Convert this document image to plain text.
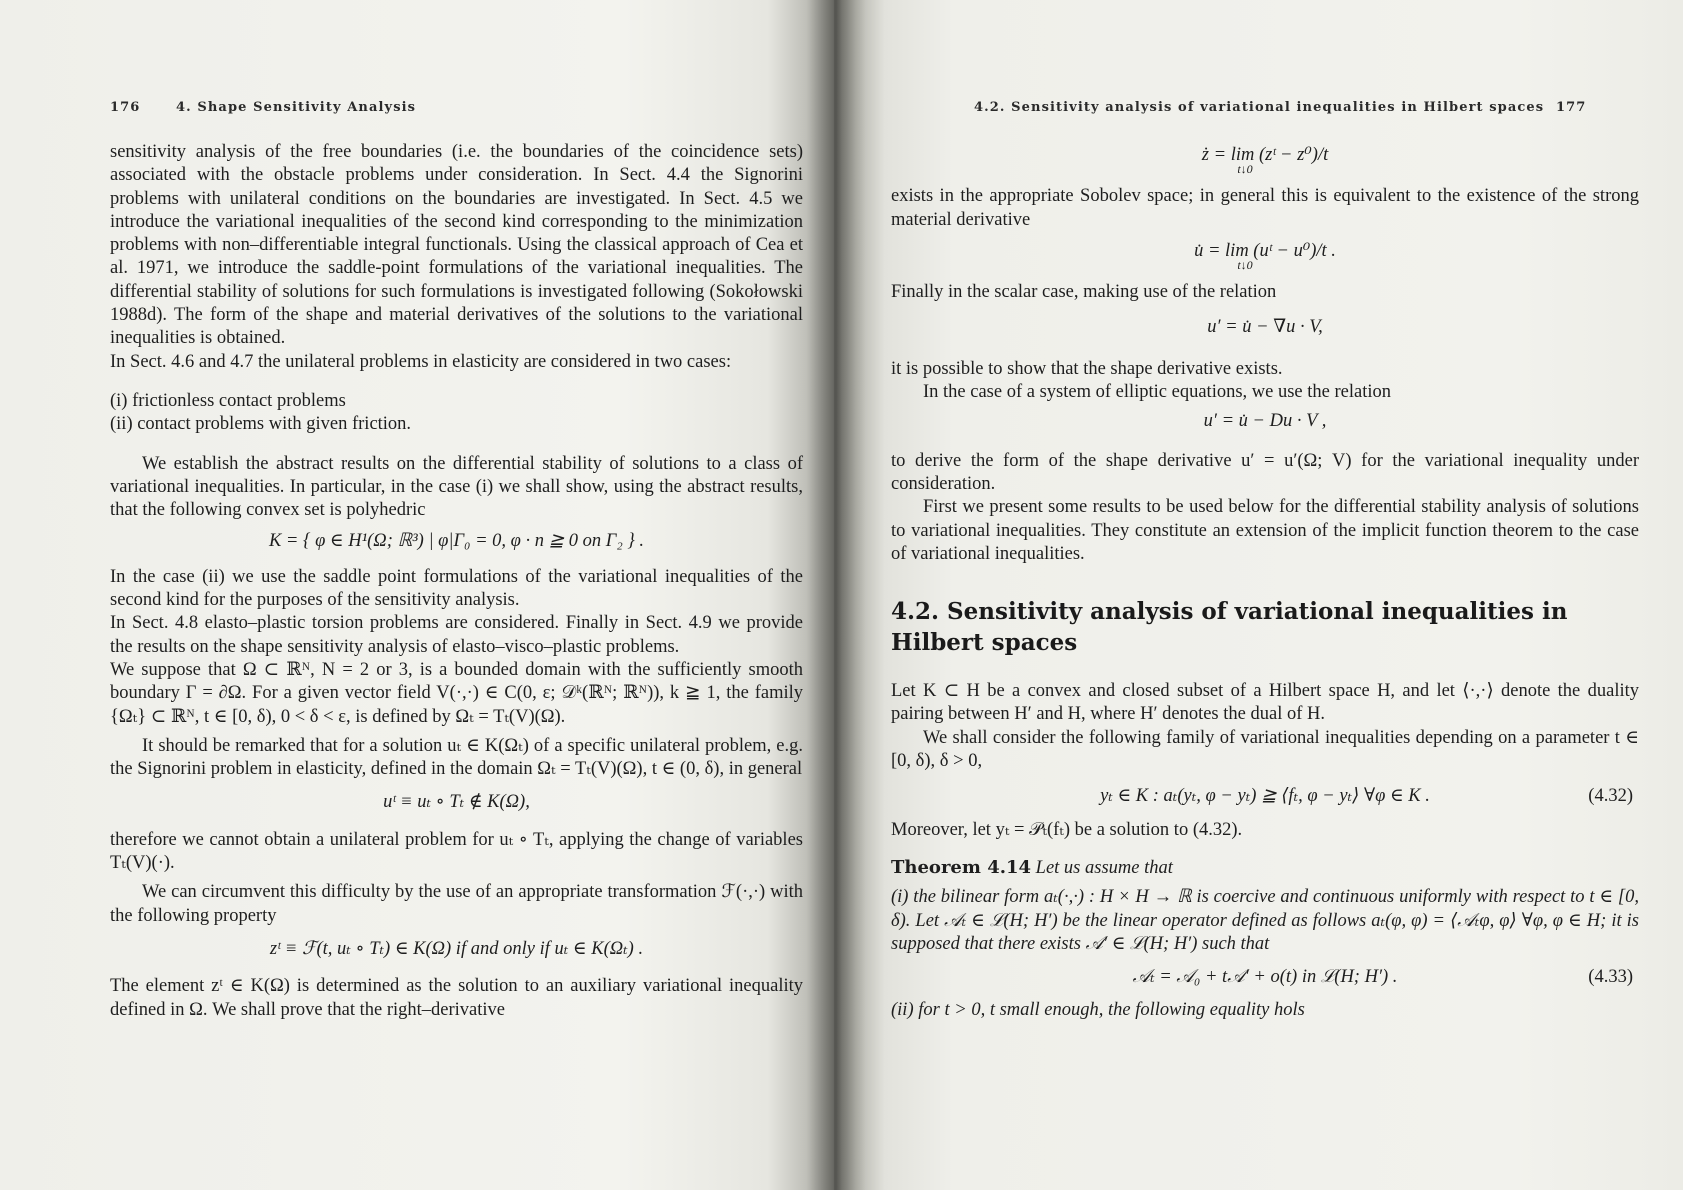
176	4. Shape Sensitivity Analysis

sensitivity analysis of the free boundaries (i.e. the boundaries of the coincidence sets) associated with the obstacle problems under consideration. In Sect. 4.4 the Signorini problems with unilateral conditions on the boundaries are investigated. In Sect. 4.5 we introduce the variational inequalities of the second kind corresponding to the minimization problems with non–differentiable integral functionals. Using the classical approach of Cea et al. 1971, we introduce the saddle-point formulations of the variational inequalities. The differential stability of solutions for such formulations is investigated following (Sokołowski 1988d). The form of the shape and material derivatives of the solutions to the variational inequalities is obtained.

In Sect. 4.6 and 4.7 the unilateral problems in elasticity are considered in two cases:

(i) frictionless contact problems
(ii) contact problems with given friction.

We establish the abstract results on the differential stability of solutions to a class of variational inequalities. In particular, in the case (i) we shall show, using the abstract results, that the following convex set is polyhedric

K = { φ ∈ H¹(Ω; ℝ³) | φ|Γ₀ = 0, φ · n ≧ 0 on Γ₂ } .

In the case (ii) we use the saddle point formulations of the variational inequalities of the second kind for the purposes of the sensitivity analysis.

In Sect. 4.8 elasto–plastic torsion problems are considered. Finally in Sect. 4.9 we provide the results on the shape sensitivity analysis of elasto–visco–plastic problems.

We suppose that Ω ⊂ ℝᴺ, N = 2 or 3, is a bounded domain with the sufficiently smooth boundary Γ = ∂Ω. For a given vector field V(·,·) ∈ C(0, ε; 𝒟ᵏ(ℝᴺ; ℝᴺ)), k ≧ 1, the family {Ωₜ} ⊂ ℝᴺ, t ∈ [0, δ), 0 < δ < ε, is defined by Ωₜ = Tₜ(V)(Ω).

It should be remarked that for a solution uₜ ∈ K(Ωₜ) of a specific unilateral problem, e.g. the Signorini problem in elasticity, defined in the domain Ωₜ = Tₜ(V)(Ω), t ∈ (0, δ), in general

uᵗ ≡ uₜ ∘ Tₜ ∉ K(Ω),

therefore we cannot obtain a unilateral problem for uₜ ∘ Tₜ, applying the change of variables Tₜ(V)(·).

We can circumvent this difficulty by the use of an appropriate transformation ℱ(·,·) with the following property

zᵗ ≡ ℱ(t, uₜ ∘ Tₜ) ∈ K(Ω) if and only if uₜ ∈ K(Ωₜ) .

The element zᵗ ∈ K(Ω) is determined as the solution to an auxiliary variational inequality defined in Ω. We shall prove that the right–derivative

4.2. Sensitivity analysis of variational inequalities in Hilbert spaces 177
ż = lim (zᵗ − z⁰)/t
t↓0

exists in the appropriate Sobolev space; in general this is equivalent to the existence of the strong material derivative

u̇ = lim (uᵗ − u⁰)/t .
t↓0

Finally in the scalar case, making use of the relation

u′ = u̇ − ∇u · V,

it is possible to show that the shape derivative exists.

In the case of a system of elliptic equations, we use the relation

u′ = u̇ − Du · V ,

to derive the form of the shape derivative u′ = u′(Ω; V) for the variational inequality under consideration.

First we present some results to be used below for the differential stability analysis of solutions to variational inequalities. They constitute an extension of the implicit function theorem to the case of variational inequalities.

4.2. Sensitivity analysis of variational inequalities in Hilbert spaces

Let K ⊂ H be a convex and closed subset of a Hilbert space H, and let ⟨·,·⟩ denote the duality pairing between H′ and H, where H′ denotes the dual of H.

We shall consider the following family of variational inequalities depending on a parameter t ∈ [0, δ), δ > 0,

yₜ ∈ K : aₜ(yₜ, φ − yₜ) ≧ ⟨fₜ, φ − yₜ⟩ ∀φ ∈ K .	(4.32)

Moreover, let yₜ = 𝒫ₜ(fₜ) be a solution to (4.32).

Theorem 4.14 Let us assume that

(i) the bilinear form aₜ(·,·) : H × H → ℝ is coercive and continuous uniformly with respect to t ∈ [0, δ). Let 𝒜ₜ ∈ ℒ(H; H′) be the linear operator defined as follows aₜ(φ, φ) = ⟨𝒜ₜφ, φ⟩ ∀φ, φ ∈ H; it is supposed that there exists 𝒜′ ∈ ℒ(H; H′) such that

𝒜ₜ = 𝒜₀ + t𝒜′ + o(t) in ℒ(H; H′) .	(4.33)

(ii) for t > 0, t small enough, the following equality hols
